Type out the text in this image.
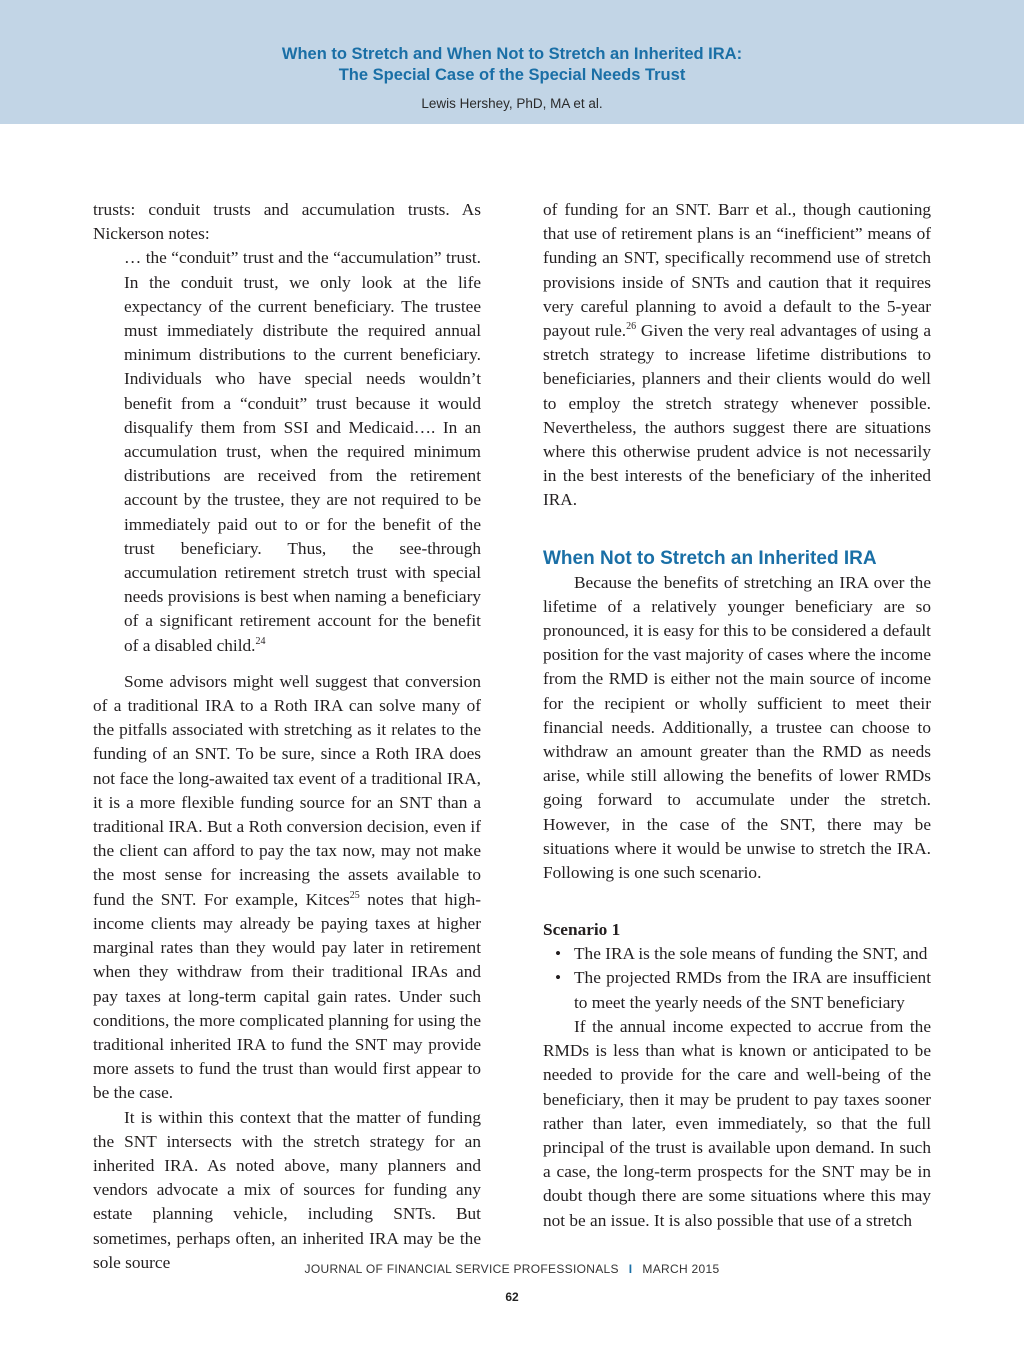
When to Stretch and When Not to Stretch an Inherited IRA:
The Special Case of the Special Needs Trust
Lewis Hershey, PhD, MA et al.

trusts: conduit trusts and accumulation trusts. As Nickerson notes:

… the “conduit” trust and the “accumulation” trust. In the conduit trust, we only look at the life expectancy of the current beneficiary. The trustee must immediately distribute the required annual minimum distributions to the current beneficiary. Individuals who have special needs wouldn’t benefit from a “conduit” trust because it would disqualify them from SSI and Medicaid…. In an accumulation trust, when the required minimum distributions are received from the retirement account by the trustee, they are not required to be immediately paid out to or for the benefit of the trust beneficiary. Thus, the see-through accumulation retirement stretch trust with special needs provisions is best when naming a beneficiary of a significant retirement account for the benefit of a disabled child.$^{24}$

Some advisors might well suggest that conversion of a traditional IRA to a Roth IRA can solve many of the pitfalls associated with stretching as it relates to the funding of an SNT. To be sure, since a Roth IRA does not face the long-awaited tax event of a traditional IRA, it is a more flexible funding source for an SNT than a traditional IRA. But a Roth conversion decision, even if the client can afford to pay the tax now, may not make the most sense for increasing the assets available to fund the SNT. For example, Kitces$^{25}$ notes that high-income clients may already be paying taxes at higher marginal rates than they would pay later in retirement when they withdraw from their traditional IRAs and pay taxes at long-term capital gain rates. Under such conditions, the more complicated planning for using the traditional inherited IRA to fund the SNT may provide more assets to fund the trust than would first appear to be the case.

It is within this context that the matter of funding the SNT intersects with the stretch strategy for an inherited IRA. As noted above, many planners and vendors advocate a mix of sources for funding any estate planning vehicle, including SNTs. But sometimes, perhaps often, an inherited IRA may be the sole source

of funding for an SNT. Barr et al., though cautioning that use of retirement plans is an “inefficient” means of funding an SNT, specifically recommend use of stretch provisions inside of SNTs and caution that it requires very careful planning to avoid a default to the 5-year payout rule.$^{26}$ Given the very real advantages of using a stretch strategy to increase lifetime distributions to beneficiaries, planners and their clients would do well to employ the stretch strategy whenever possible. Nevertheless, the authors suggest there are situations where this otherwise prudent advice is not necessarily in the best interests of the beneficiary of the inherited IRA.

When Not to Stretch an Inherited IRA

Because the benefits of stretching an IRA over the lifetime of a relatively younger beneficiary are so pronounced, it is easy for this to be considered a default position for the vast majority of cases where the income from the RMD is either not the main source of income for the recipient or wholly sufficient to meet their financial needs. Additionally, a trustee can choose to withdraw an amount greater than the RMD as needs arise, while still allowing the benefits of lower RMDs going forward to accumulate under the stretch. However, in the case of the SNT, there may be situations where it would be unwise to stretch the IRA. Following is one such scenario.

Scenario 1
• The IRA is the sole means of funding the SNT, and
• The projected RMDs from the IRA are insufficient to meet the yearly needs of the SNT beneficiary

If the annual income expected to accrue from the RMDs is less than what is known or anticipated to be needed to provide for the care and well-being of the beneficiary, then it may be prudent to pay taxes sooner rather than later, even immediately, so that the full principal of the trust is available upon demand. In such a case, the long-term prospects for the SNT may be in doubt though there are some situations where this may not be an issue. It is also possible that use of a stretch

JOURNAL OF FINANCIAL SERVICE PROFESSIONALS I MARCH 2015
62
